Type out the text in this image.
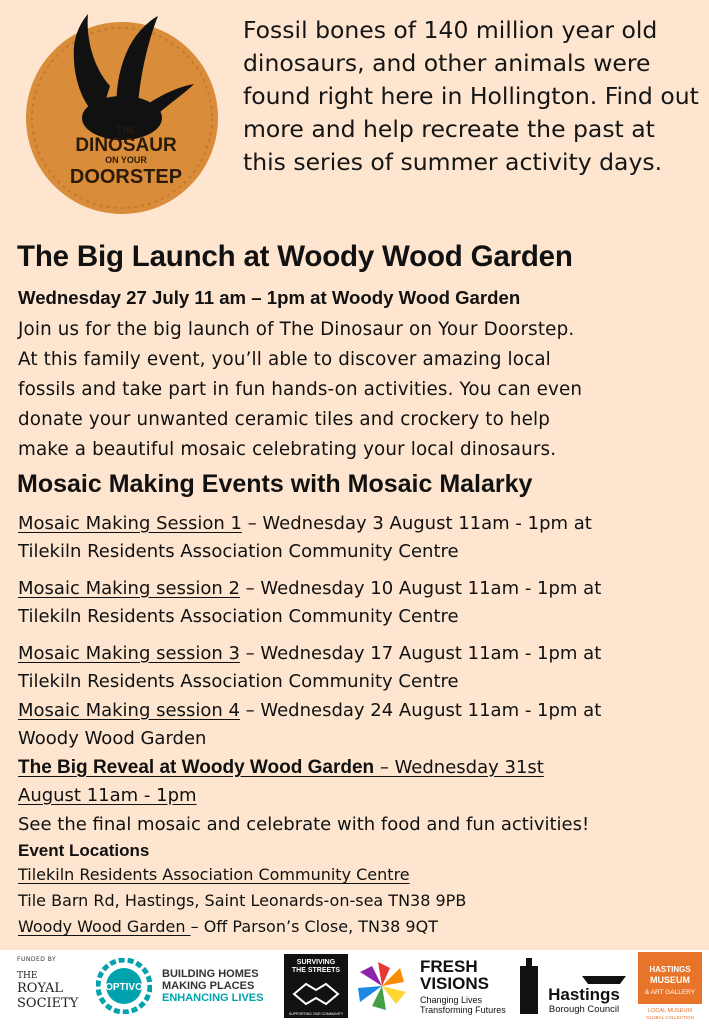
THE
DINOSAUR
ON YOUR
DOORSTEP
Fossil bones of 140 million year old dinosaurs, and other animals were found right here in Hollington. Find out more and help recreate the past at this series of summer activity days.
The Big Launch at Woody Wood Garden
Wednesday 27 July 11 am – 1pm at Woody Wood Garden
Join us for the big launch of The Dinosaur on Your Doorstep.
At this family event, you’ll able to discover amazing local
fossils and take part in fun hands-on activities. You can even
donate your unwanted ceramic tiles and crockery to help
make a beautiful mosaic celebrating your local dinosaurs.
Mosaic Making Events with Mosaic Malarky
Mosaic Making Session 1 – Wednesday 3 August 11am - 1pm at
Tilekiln Residents Association Community Centre
Mosaic Making session 2 – Wednesday 10 August 11am - 1pm at
Tilekiln Residents Association Community Centre
Mosaic Making session 3 – Wednesday 17 August 11am - 1pm at
Tilekiln Residents Association Community Centre
Mosaic Making session 4 – Wednesday 24 August 11am - 1pm at
Woody Wood Garden
The Big Reveal at Woody Wood Garden – Wednesday 31st
August 11am - 1pm
See the final mosaic and celebrate with food and fun activities!
Event Locations
Tilekiln Residents Association Community Centre
Tile Barn Rd, Hastings, Saint Leonards-on-sea TN38 9PB
Woody Wood Garden – Off Parson’s Close, TN38 9QT
FUNDED BY
THE
ROYAL
SOCIETY
OPTIVO
BUILDING HOMES
MAKING PLACES
ENHANCING LIVES
SURVIVING
THE STREETS
SUPPORTING OUR COMMUNITY
FRESH
VISIONS
Changing Lives
Transforming Futures
Hastings
Borough Council
HASTINGS
MUSEUM
& ART GALLERY
LOCAL MUSEUM
GLOBAL COLLECTION
